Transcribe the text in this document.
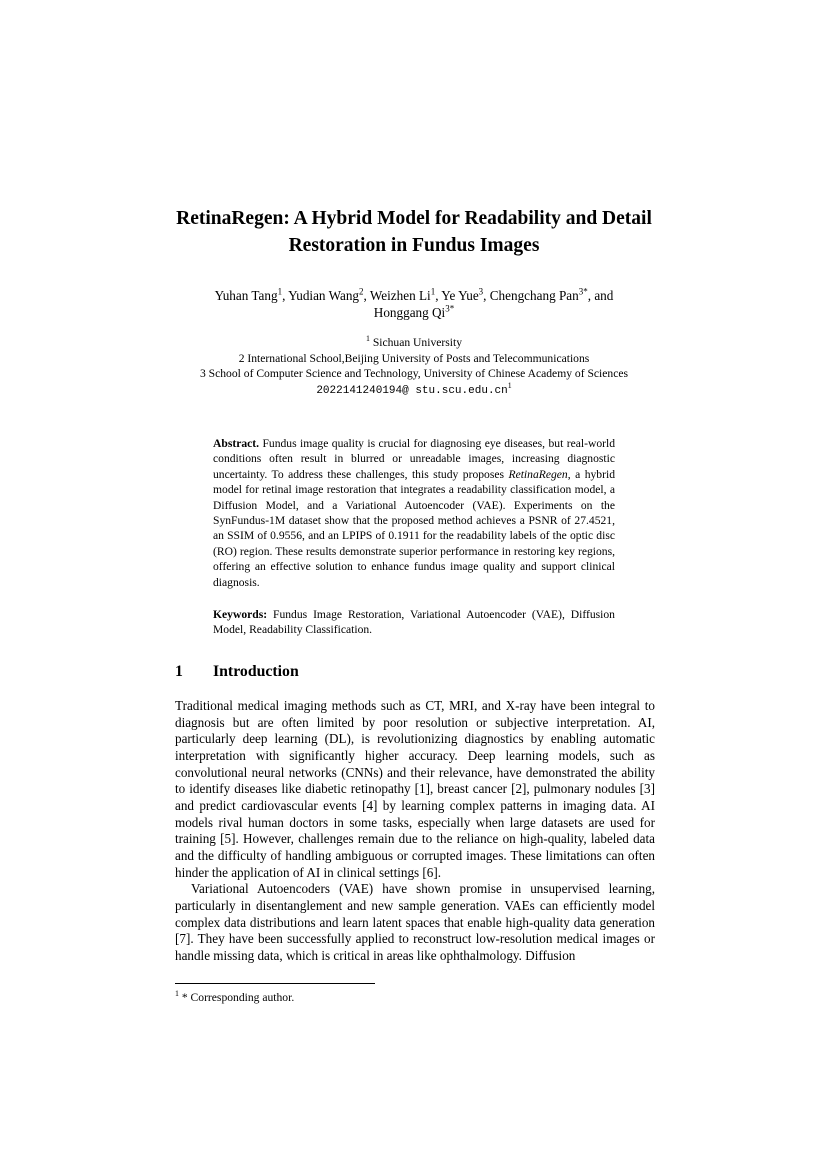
RetinaRegen: A Hybrid Model for Readability and Detail
Restoration in Fundus Images
Yuhan Tang$^1$, Yudian Wang$^2$, Weizhen Li$^1$, Ye Yue$^3$, Chengchang Pan$^{3*}$, and
Honggang $Qi^{3*}$
$^1$ Sichuan University
2 International School,Beijing University of Posts and Telecommunications
3 School of Computer Science and Technology, University of Chinese Academy of Sciences
2022141240194@ $stu.scu.edu.cn^1$
Abstract. Fundus image quality is crucial for diagnosing eye diseases, but real-world conditions often result in blurred or unreadable images, increasing diagnostic uncertainty. To address these challenges, this study proposes RetinaRegen, a hybrid model for retinal image restoration that integrates a readability classification model, a Diffusion Model, and a Variational Autoencoder (VAE). Experiments on the SynFundus-1M dataset show that the proposed method achieves a PSNR of 27.4521, an SSIM of 0.9556, and an LPIPS of 0.1911 for the readability labels of the optic disc (RO) region. These results demonstrate superior performance in restoring key regions, offering an effective solution to enhance fundus image quality and support clinical diagnosis.
Keywords: Fundus Image Restoration, Variational Autoencoder (VAE), Diffusion Model, Readability Classification.
1 Introduction

Traditional medical imaging methods such as CT, MRI, and X-ray have been integral to diagnosis but are often limited by poor resolution or subjective interpretation. AI, particularly deep learning (DL), is revolutionizing diagnostics by enabling automatic interpretation with significantly higher accuracy. Deep learning models, such as convolutional neural networks (CNNs) and their relevance, have demonstrated the ability to identify diseases like diabetic retinopathy [1], breast cancer [2], pulmonary nodules [3] and predict cardiovascular events [4] by learning complex patterns in imaging data. AI models rival human doctors in some tasks, especially when large datasets are used for training [5]. However, challenges remain due to the reliance on high-quality, labeled data and the difficulty of handling ambiguous or corrupted images. These limitations can often hinder the application of AI in clinical settings [6].

Variational Autoencoders (VAE) have shown promise in unsupervised learning, particularly in disentanglement and new sample generation. VAEs can efficiently model complex data distributions and learn latent spaces that enable high-quality data generation [7]. They have been successfully applied to reconstruct low-resolution medical images or handle missing data, which is critical in areas like ophthalmology. Diffusion

$^1$ * Corresponding author.
